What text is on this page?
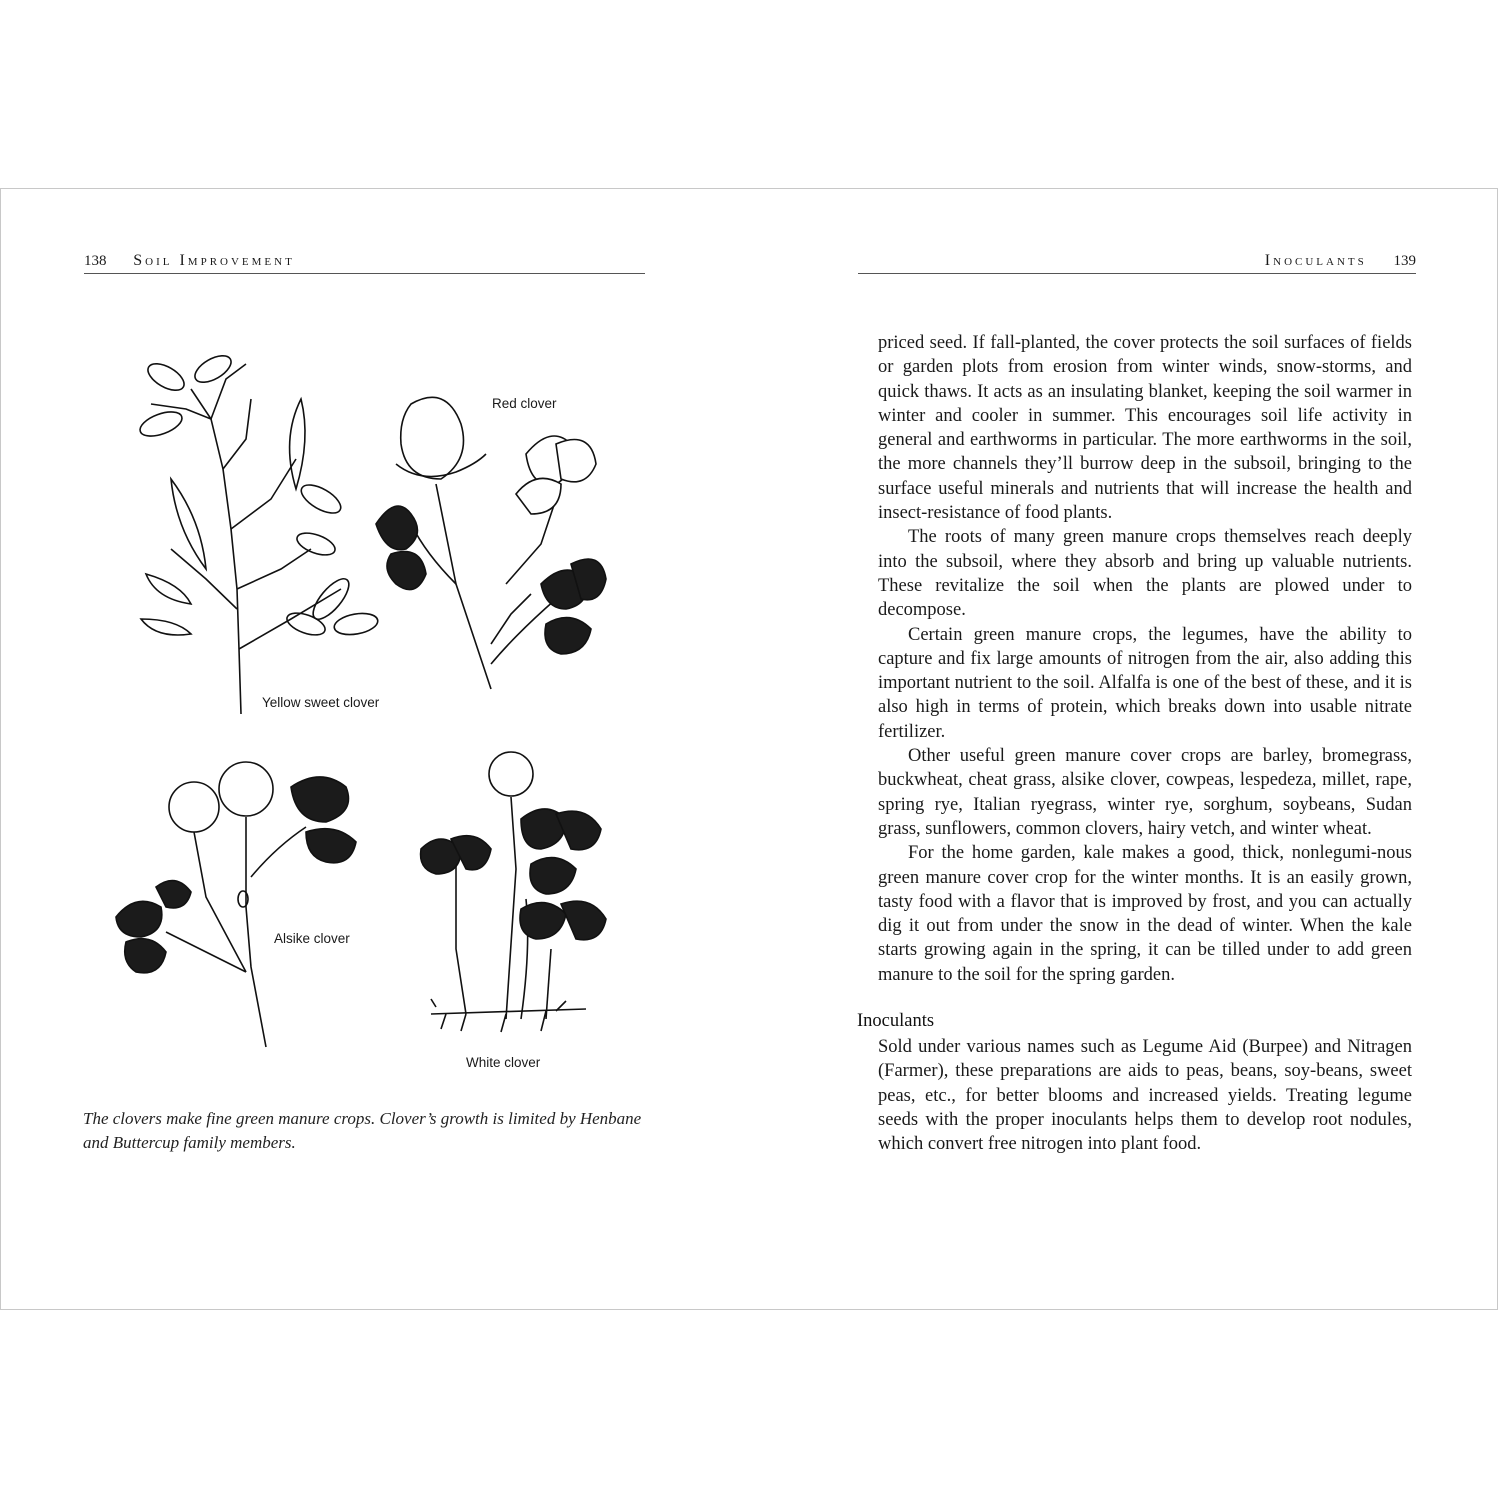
138 Soil Improvement	Inoculants 139
Yellow sweet clover
Red clover
Alsike clover
White clover
The clovers make fine green manure crops. Clover’s growth is limited by Henbane and Buttercup family members.

priced seed. If fall-planted, the cover protects the soil surfaces of fields or garden plots from erosion from winter winds, snow-storms, and quick thaws. It acts as an insulating blanket, keeping the soil warmer in winter and cooler in summer. This encourages soil life activity in general and earthworms in particular. The more earthworms in the soil, the more channels they’ll burrow deep in the subsoil, bringing to the surface useful minerals and nutrients that will increase the health and insect-resistance of food plants.

The roots of many green manure crops themselves reach deeply into the subsoil, where they absorb and bring up valuable nutrients. These revitalize the soil when the plants are plowed under to decompose.

Certain green manure crops, the legumes, have the ability to capture and fix large amounts of nitrogen from the air, also adding this important nutrient to the soil. Alfalfa is one of the best of these, and it is also high in terms of protein, which breaks down into usable nitrate fertilizer.

Other useful green manure cover crops are barley, bromegrass, buckwheat, cheat grass, alsike clover, cowpeas, lespedeza, millet, rape, spring rye, Italian ryegrass, winter rye, sorghum, soybeans, Sudan grass, sunflowers, common clovers, hairy vetch, and winter wheat.

For the home garden, kale makes a good, thick, nonlegumi-nous green manure cover crop for the winter months. It is an easily grown, tasty food with a flavor that is improved by frost, and you can actually dig it out from under the snow in the dead of winter. When the kale starts growing again in the spring, it can be tilled under to add green manure to the soil for the spring garden.

Inoculants

Sold under various names such as Legume Aid (Burpee) and Nitragen (Farmer), these preparations are aids to peas, beans, soy-beans, sweet peas, etc., for better blooms and increased yields. Treating legume seeds with the proper inoculants helps them to develop root nodules, which convert free nitrogen into plant food.
